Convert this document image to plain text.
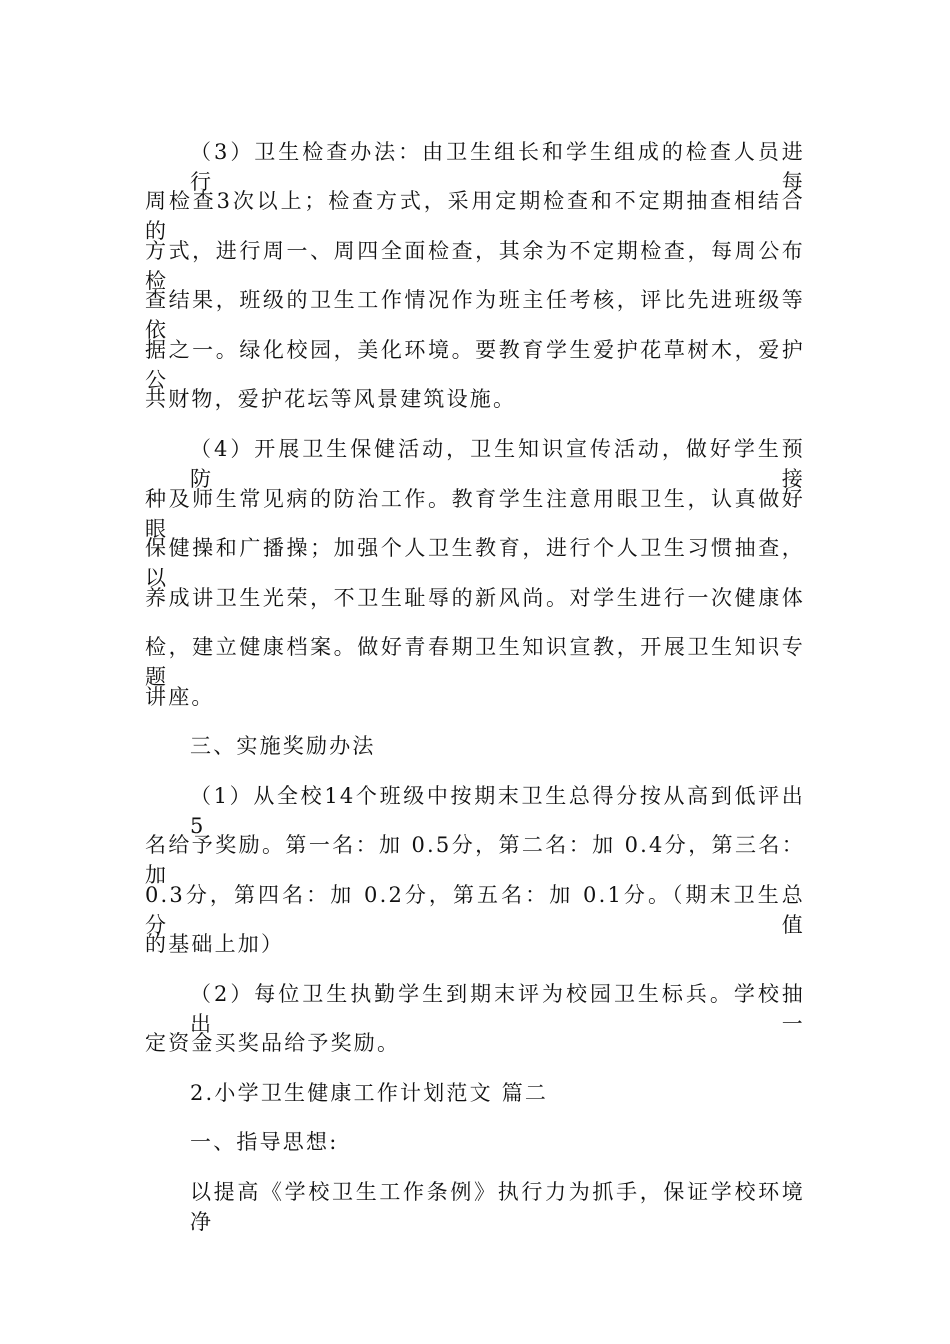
（3）卫生检查办法：由卫生组长和学生组成的检查人员进行每
周检查3次以上；检查方式，采用定期检查和不定期抽查相结合的
方式，进行周一、周四全面检查，其余为不定期检查，每周公布检
查结果，班级的卫生工作情况作为班主任考核，评比先进班级等依
据之一。绿化校园，美化环境。要教育学生爱护花草树木，爱护公
共财物，爱护花坛等风景建筑设施。
（4）开展卫生保健活动，卫生知识宣传活动，做好学生预防接
种及师生常见病的防治工作。教育学生注意用眼卫生，认真做好眼
保健操和广播操；加强个人卫生教育，进行个人卫生习惯抽查，以
养成讲卫生光荣，不卫生耻辱的新风尚。对学生进行一次健康体
检，建立健康档案。做好青春期卫生知识宣教，开展卫生知识专题
讲座。
三、实施奖励办法
（1）从全校14个班级中按期末卫生总得分按从高到低评出 5
名给予奖励。第一名：加 0.5分，第二名：加 0.4分，第三名：加
0.3分，第四名：加 0.2分，第五名：加 0.1分。（期末卫生总分值
的基础上加）
（2）每位卫生执勤学生到期末评为校园卫生标兵。学校抽出一
定资金买奖品给予奖励。
2.小学卫生健康工作计划范文 篇二
一、指导思想:
以提高《学校卫生工作条例》执行力为抓手，保证学校环境净
